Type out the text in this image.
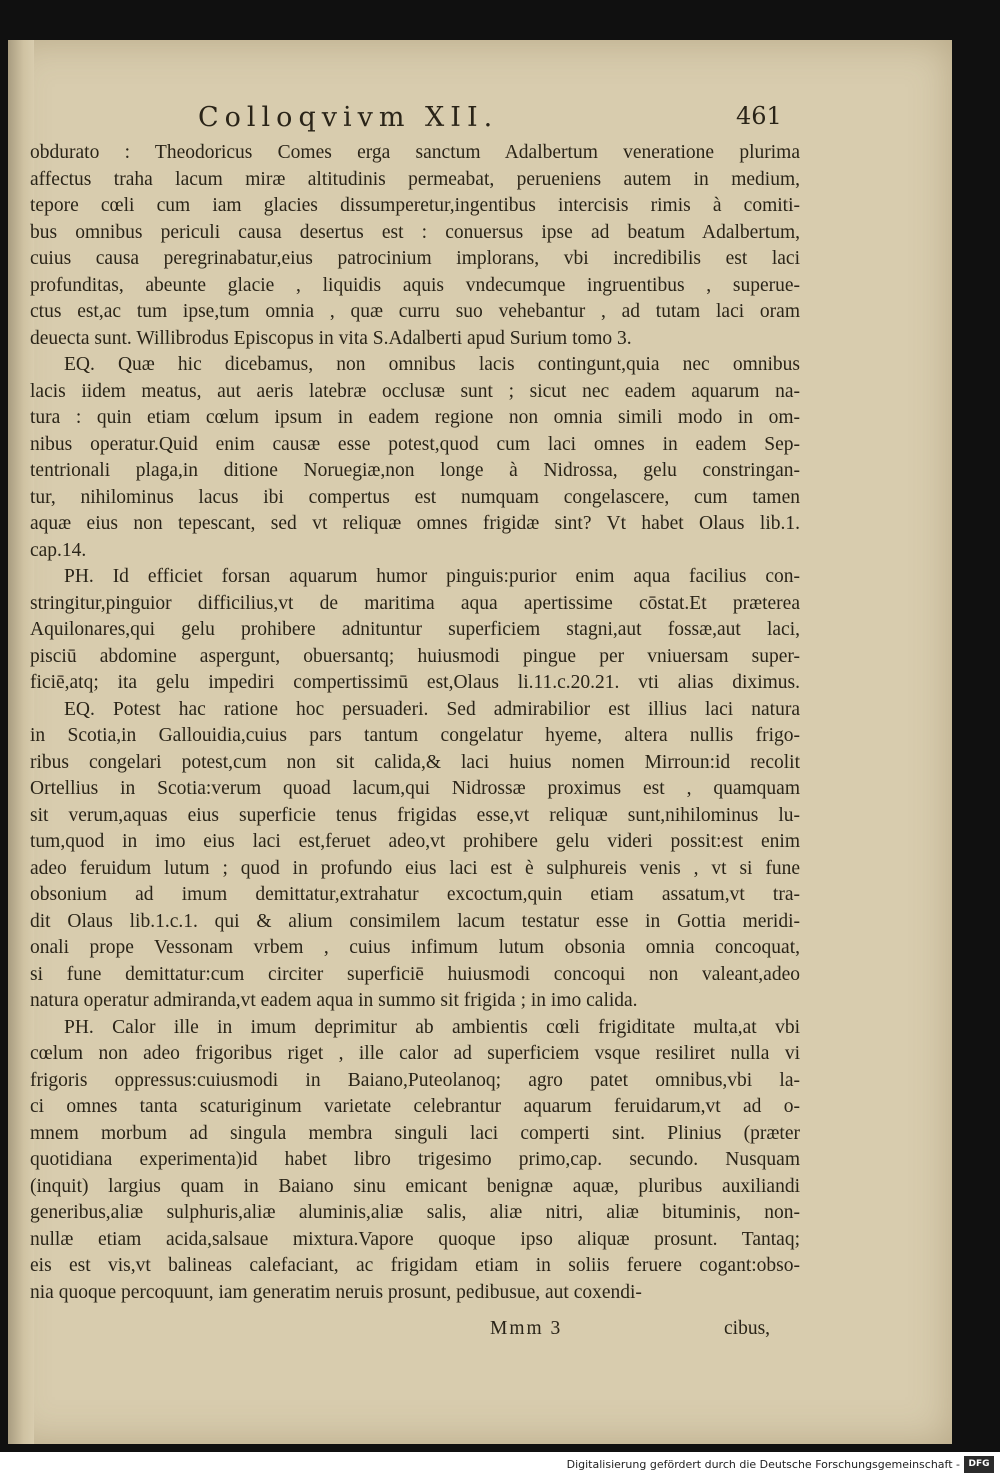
Colloqvivm XII.	461
obdurato : Theodoricus Comes erga sanctum Adalbertum veneratione plurima
affectus traha lacum miræ altitudinis permeabat, perueniens autem in medium,
tepore cœli cum iam glacies dissumperetur,ingentibus intercisis rimis à comiti-
bus omnibus periculi causa desertus est : conuersus ipse ad beatum Adalbertum,
cuius causa peregrinabatur,eius patrocinium implorans, vbi incredibilis est laci
profunditas, abeunte glacie , liquidis aquis vndecumque ingruentibus , superue-
ctus est,ac tum ipse,tum omnia , quæ curru suo vehebantur , ad tutam laci oram
deuecta sunt. Willibrodus Episcopus in vita S.Adalberti apud Surium tomo 3.
EQ. Quæ hic dicebamus, non omnibus lacis contingunt,quia nec omnibus
lacis iidem meatus, aut aeris latebræ occlusæ sunt ; sicut nec eadem aquarum na-
tura : quin etiam cœlum ipsum in eadem regione non omnia simili modo in om-
nibus operatur.Quid enim causæ esse potest,quod cum laci omnes in eadem Sep-
tentrionali plaga,in ditione Noruegiæ,non longe à Nidrossa, gelu constringan-
tur, nihilominus lacus ibi compertus est numquam congelascere, cum tamen
aquæ eius non tepescant, sed vt reliquæ omnes frigidæ sint? Vt habet Olaus lib.1.
cap.14.
PH. Id efficiet forsan aquarum humor pinguis:purior enim aqua facilius con-
stringitur,pinguior difficilius,vt de maritima aqua apertissime cōstat.Et præterea
Aquilonares,qui gelu prohibere adnituntur superficiem stagni,aut fossæ,aut laci,
pisciū abdomine aspergunt, obuersantq; huiusmodi pingue per vniuersam super-
ficiē,atq; ita gelu impediri compertissimū est,Olaus li.11.c.20.21. vti alias diximus.
EQ. Potest hac ratione hoc persuaderi. Sed admirabilior est illius laci natura
in Scotia,in Gallouidia,cuius pars tantum congelatur hyeme, altera nullis frigo-
ribus congelari potest,cum non sit calida,& laci huius nomen Mirroun:id recolit
Ortellius in Scotia:verum quoad lacum,qui Nidrossæ proximus est , quamquam
sit verum,aquas eius superficie tenus frigidas esse,vt reliquæ sunt,nihilominus lu-
tum,quod in imo eius laci est,feruet adeo,vt prohibere gelu videri possit:est enim
adeo feruidum lutum ; quod in profundo eius laci est è sulphureis venis , vt si fune
obsonium ad imum demittatur,extrahatur excoctum,quin etiam assatum,vt tra-
dit Olaus lib.1.c.1. qui & alium consimilem lacum testatur esse in Gottia meridi-
onali prope Vessonam vrbem , cuius infimum lutum obsonia omnia concoquat,
si fune demittatur:cum circiter superficiē huiusmodi concoqui non valeant,adeo
natura operatur admiranda,vt eadem aqua in summo sit frigida ; in imo calida.
PH. Calor ille in imum deprimitur ab ambientis cœli frigiditate multa,at vbi
cœlum non adeo frigoribus riget , ille calor ad superficiem vsque resiliret nulla vi
frigoris oppressus:cuiusmodi in Baiano,Puteolanoq; agro patet omnibus,vbi la-
ci omnes tanta scaturiginum varietate celebrantur aquarum feruidarum,vt ad o-
mnem morbum ad singula membra singuli laci comperti sint. Plinius (præter
quotidiana experimenta)id habet libro trigesimo primo,cap. secundo. Nusquam
(inquit) largius quam in Baiano sinu emicant benignæ aquæ, pluribus auxiliandi
generibus,aliæ sulphuris,aliæ aluminis,aliæ salis, aliæ nitri, aliæ bituminis, non-
nullæ etiam acida,salsaue mixtura.Vapore quoque ipso aliquæ prosunt. Tantaq;
eis est vis,vt balineas calefaciant, ac frigidam etiam in soliis feruere cogant:obso-
nia quoque percoquunt, iam generatim neruis prosunt, pedibusue, aut coxendi-
Mmm 3	cibus,
Digitalisierung gefördert durch die Deutsche Forschungsgemeinschaft - DFG
